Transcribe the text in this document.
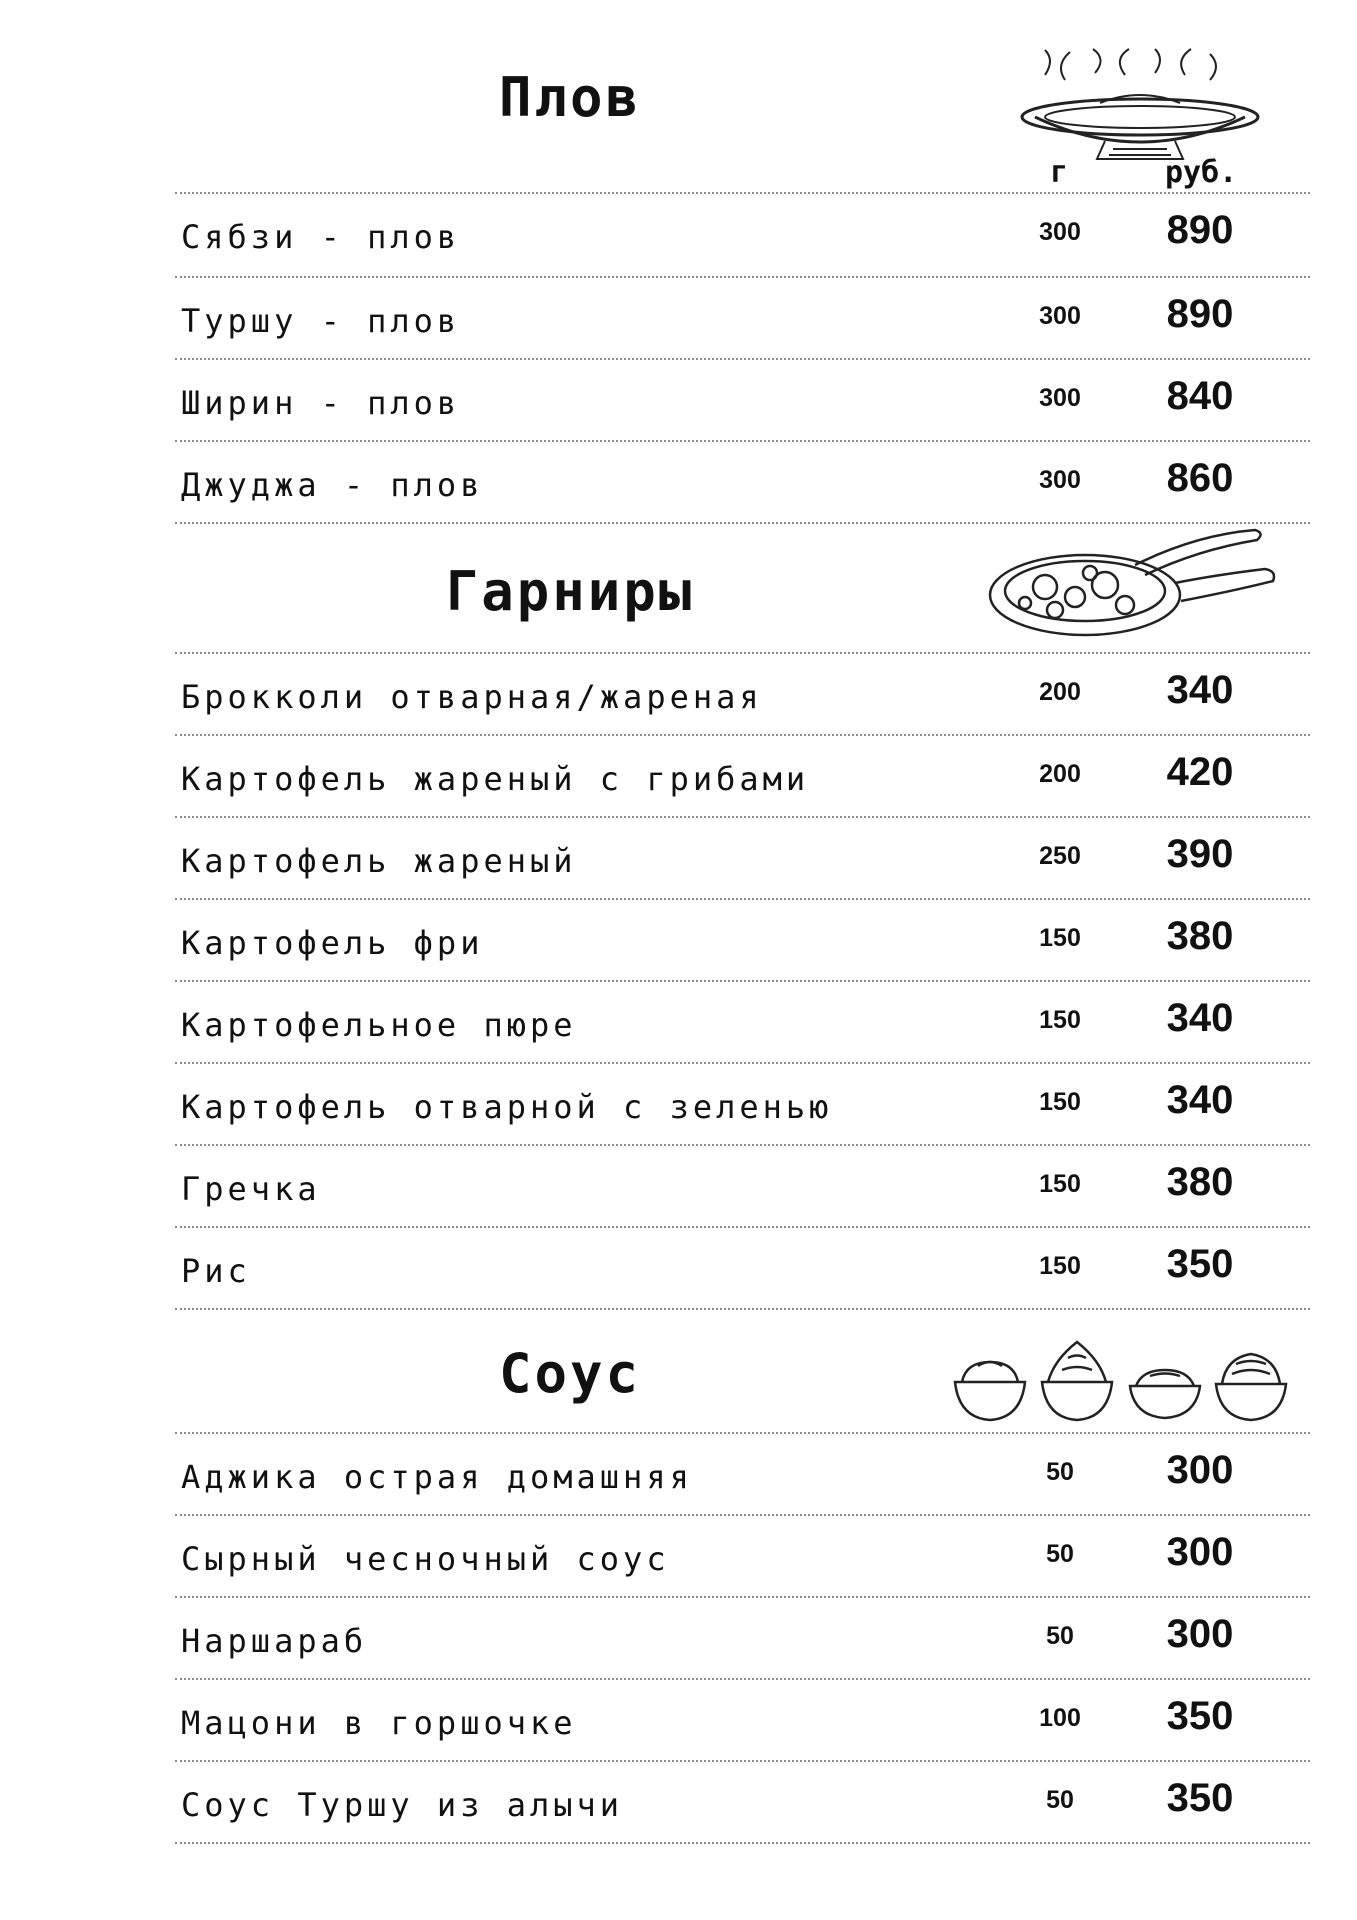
Плов
г	руб.
Сябзи - плов	300	890
Туршу - плов	300	890
Ширин - плов	300	840
Джуджа - плов	300	860
Гарниры
Брокколи отварная/жареная	200	340
Картофель жареный с грибами	200	420
Картофель жареный	250	390
Картофель фри	150	380
Картофельное пюре	150	340
Картофель отварной с зеленью	150	340
Гречка	150	380
Рис	150	350
Соус
Аджика острая домашняя	50	300
Сырный чесночный соус	50	300
Наршараб	50	300
Мацони в горшочке	100	350
Соус Туршу из алычи	50	350
